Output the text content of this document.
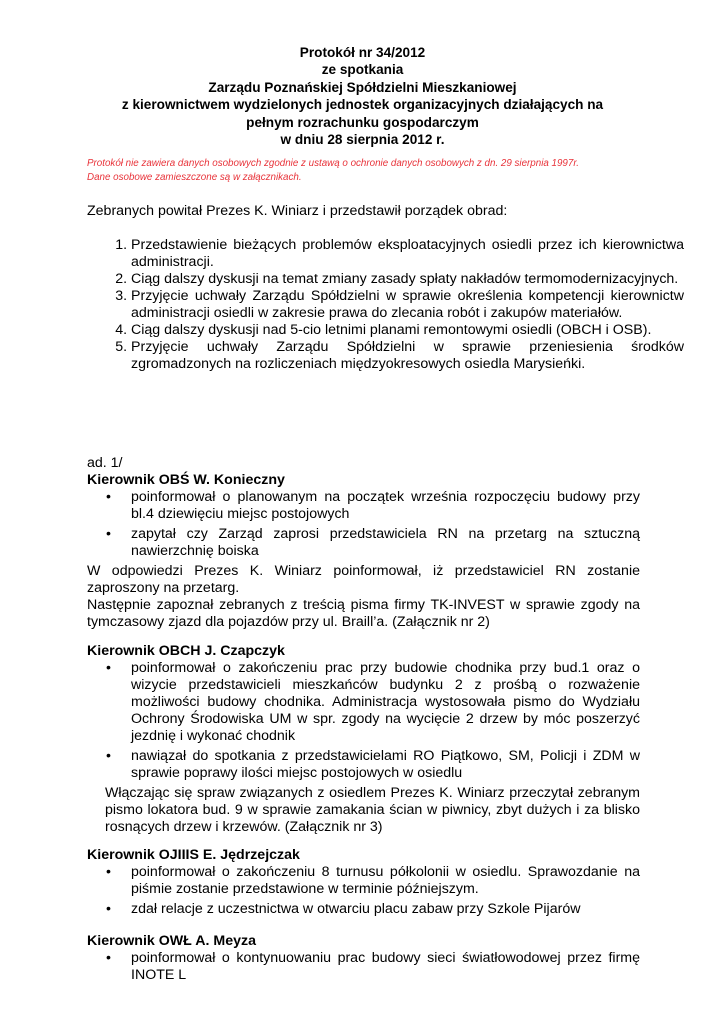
Protokół nr 34/2012
ze spotkania
Zarządu Poznańskiej Spółdzielni Mieszkaniowej
z kierownictwem wydzielonych jednostek organizacyjnych działających na
pełnym rozrachunku gospodarczym
w dniu 28 sierpnia 2012 r.
Protokół nie zawiera danych osobowych zgodnie z ustawą o ochronie danych osobowych z dn. 29 sierpnia 1997r.
Dane osobowe zamieszczone są w załącznikach.
Zebranych powitał Prezes K. Winiarz i przedstawił porządek obrad:
1. Przedstawienie bieżących problemów eksploatacyjnych osiedli przez ich kierownictwa administracji.
2. Ciąg dalszy dyskusji na temat zmiany zasady spłaty nakładów termomodernizacyjnych.
3. Przyjęcie uchwały Zarządu Spółdzielni w sprawie określenia kompetencji kierownictw administracji osiedli w zakresie prawa do zlecania robót i zakupów materiałów.
4. Ciąg dalszy dyskusji nad 5-cio letnimi planami remontowymi osiedli (OBCH i OSB).
5. Przyjęcie uchwały Zarządu Spółdzielni w sprawie przeniesienia środków zgromadzonych na rozliczeniach międzyokresowych osiedla Marysieńki.
ad. 1/
Kierownik OBŚ W. Konieczny
• poinformował o planowanym na początek września rozpoczęciu budowy przy bl.4 dziewięciu miejsc postojowych
• zapytał czy Zarząd zaprosi przedstawiciela RN na przetarg na sztuczną nawierzchnię boiska
W odpowiedzi Prezes K. Winiarz poinformował, iż przedstawiciel RN zostanie zaproszony na przetarg.
Następnie zapoznał zebranych z treścią pisma firmy TK-INVEST w sprawie zgody na tymczasowy zjazd dla pojazdów przy ul. Braill’a. (Załącznik nr 2)
Kierownik OBCH J. Czapczyk
• poinformował o zakończeniu prac przy budowie chodnika przy bud.1 oraz o wizycie przedstawicieli mieszkańców budynku 2 z prośbą o rozważenie możliwości budowy chodnika. Administracja wystosowała pismo do Wydziału Ochrony Środowiska UM w spr. zgody na wycięcie 2 drzew by móc poszerzyć jezdnię i wykonać chodnik
• nawiązał do spotkania z przedstawicielami RO Piątkowo, SM, Policji i ZDM w sprawie poprawy ilości miejsc postojowych w osiedlu
Włączając się spraw związanych z osiedlem Prezes K. Winiarz przeczytał zebranym pismo lokatora bud. 9 w sprawie zamakania ścian w piwnicy, zbyt dużych i za blisko rosnących drzew i krzewów. (Załącznik nr 3)
Kierownik OJIIIS E. Jędrzejczak
• poinformował o zakończeniu 8 turnusu półkolonii w osiedlu. Sprawozdanie na piśmie zostanie przedstawione w terminie późniejszym.
• zdał relacje z uczestnictwa w otwarciu placu zabaw przy Szkole Pijarów
Kierownik OWŁ A. Meyza
• poinformował o kontynuowaniu prac budowy sieci światłowodowej przez firmę INOTE L
